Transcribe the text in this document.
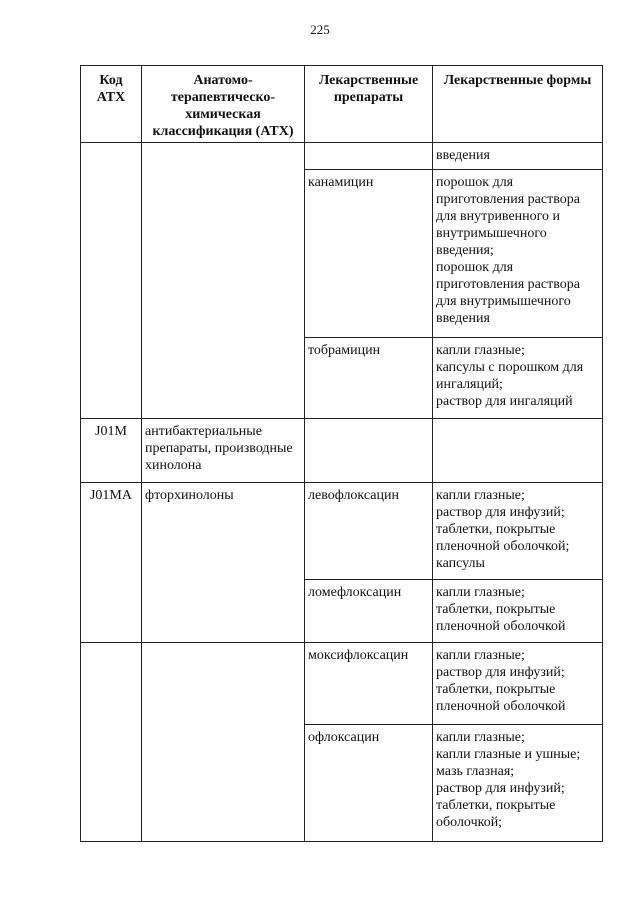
225
Код ATX	Анатомо-терапевтическо-химическая классификация (ATX)	Лекарственные препараты	Лекарственные формы

			введения

		канамицин	порошок для приготовления раствора для внутривенного и внутримышечного введения;
порошок для приготовления раствора для внутримышечного введения

		тобрамицин	капли глазные;
капсулы с порошком для ингаляций;
раствор для ингаляций

J01M	антибактериальные препараты, производные хинолона		
J01MA	фторхинолоны	левофлоксацин	капли глазные;
раствор для инфузий;
таблетки, покрытые пленочной оболочкой;
капсулы

		ломефлоксацин	капли глазные;
таблетки, покрытые пленочной оболочкой

		моксифлоксацин	капли глазные;
раствор для инфузий;
таблетки, покрытые пленочной оболочкой

		офлоксацин	капли глазные;
капли глазные и ушные;
мазь глазная;
раствор для инфузий;
таблетки, покрытые оболочкой;
